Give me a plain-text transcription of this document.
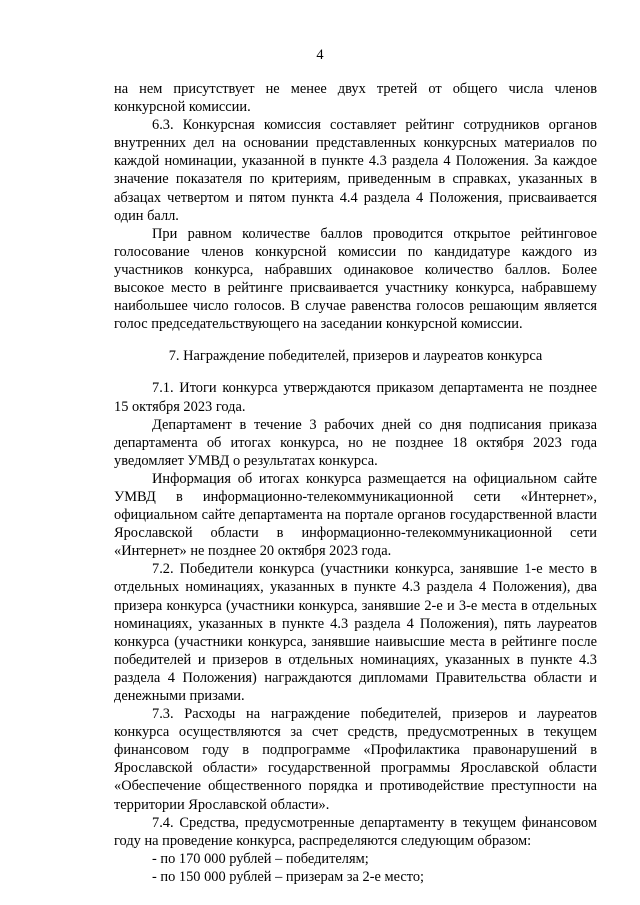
4

на нем присутствует не менее двух третей от общего числа членов конкурсной комиссии.

6.3. Конкурсная комиссия составляет рейтинг сотрудников органов внутренних дел на основании представленных конкурсных материалов по каждой номинации, указанной в пункте 4.3 раздела 4 Положения. За каждое значение показателя по критериям, приведенным в справках, указанных в абзацах четвертом и пятом пункта 4.4 раздела 4 Положения, присваивается один балл.

При равном количестве баллов проводится открытое рейтинговое голосование членов конкурсной комиссии по кандидатуре каждого из участников конкурса, набравших одинаковое количество баллов. Более высокое место в рейтинге присваивается участнику конкурса, набравшему наибольшее число голосов. В случае равенства голосов решающим является голос председательствующего на заседании конкурсной комиссии.

7. Награждение победителей, призеров и лауреатов конкурса

7.1. Итоги конкурса утверждаются приказом департамента не позднее 15 октября 2023 года.

Департамент в течение 3 рабочих дней со дня подписания приказа департамента об итогах конкурса, но не позднее 18 октября 2023 года уведомляет УМВД о результатах конкурса.

Информация об итогах конкурса размещается на официальном сайте УМВД в информационно-телекоммуникационной сети «Интернет», официальном сайте департамента на портале органов государственной власти Ярославской области в информационно-телекоммуникационной сети «Интернет» не позднее 20 октября 2023 года.

7.2. Победители конкурса (участники конкурса, занявшие 1-е место в отдельных номинациях, указанных в пункте 4.3 раздела 4 Положения), два призера конкурса (участники конкурса, занявшие 2-е и 3-е места в отдельных номинациях, указанных в пункте 4.3 раздела 4 Положения), пять лауреатов конкурса (участники конкурса, занявшие наивысшие места в рейтинге после победителей и призеров в отдельных номинациях, указанных в пункте 4.3 раздела 4 Положения) награждаются дипломами Правительства области и денежными призами.

7.3. Расходы на награждение победителей, призеров и лауреатов конкурса осуществляются за счет средств, предусмотренных в текущем финансовом году в подпрограмме «Профилактика правонарушений в Ярославской области» государственной программы Ярославской области «Обеспечение общественного порядка и противодействие преступности на территории Ярославской области».

7.4. Средства, предусмотренные департаменту в текущем финансовом году на проведение конкурса, распределяются следующим образом:

- по 170 000 рублей – победителям;

- по 150 000 рублей – призерам за 2-е место;
